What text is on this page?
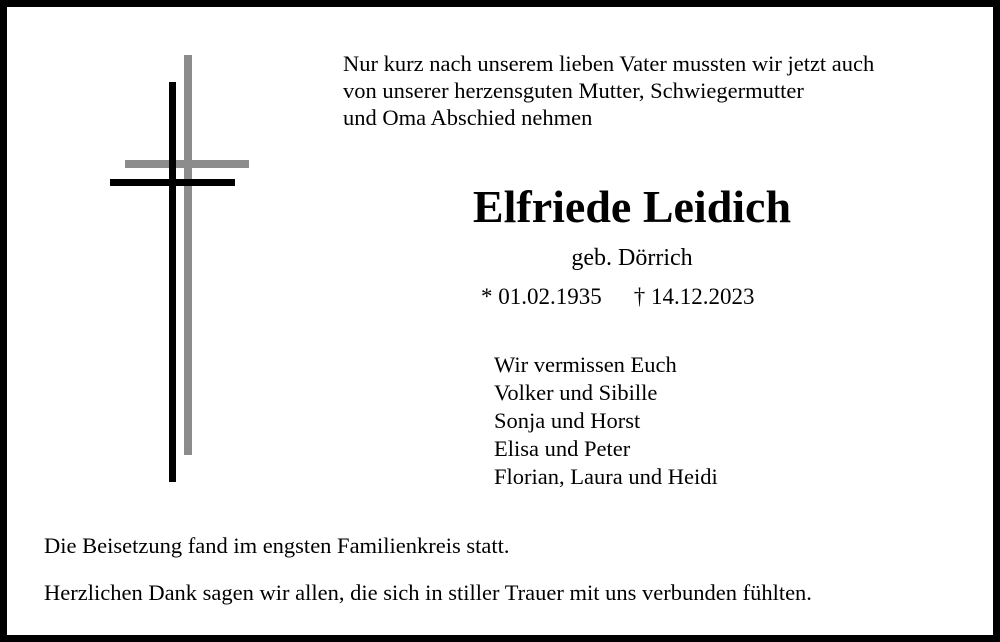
Nur kurz nach unserem lieben Vater mussten wir jetzt auch
von unserer herzensguten Mutter, Schwiegermutter
und Oma Abschied nehmen

Elfriede Leidich

geb. Dörrich

* 01.02.1935 † 14.12.2023

Wir vermissen Euch
Volker und Sibille
Sonja und Horst
Elisa und Peter
Florian, Laura und Heidi

Die Beisetzung fand im engsten Familienkreis statt.

Herzlichen Dank sagen wir allen, die sich in stiller Trauer mit uns verbunden fühlten.
